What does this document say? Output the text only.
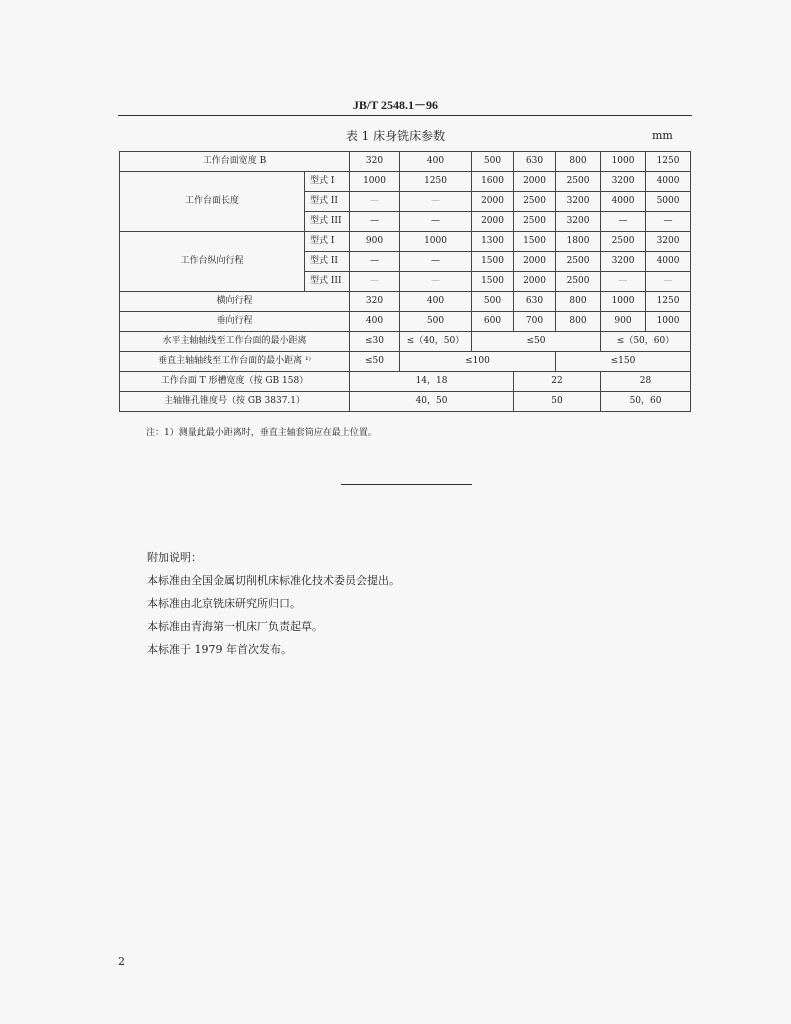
JB/T 2548.1－96
表 1 床身铣床参数	mm
工作台面宽度 B		320	400	500	630	800	1000	1250
工作台面长度	型式 I	1000	1250	1600	2000	2500	3200	4000
	型式 II	—	—	2000	2500	3200	4000	5000
	型式 III	—	—	2000	2500	3200	—	—
工作台纵向行程	型式 I	900	1000	1300	1500	1800	2500	3200
	型式 II	—	—	1500	2000	2500	3200	4000
	型式 III	—	—	1500	2000	2500	—	—
横向行程		320	400	500	630	800	1000	1250
垂向行程		400	500	600	700	800	900	1000
水平主轴轴线至工作台面的最小距离		≤30	≤（40，50）	≤50			≤（50，60）	
垂直主轴轴线至工作台面的最小距离 ¹⁾		≤50	≤100			≤150		
工作台面 T 形槽宽度（按 GB 158）		14，18			22		28	
主轴锥孔锥度号（按 GB 3837.1）		40，50			50		50，60	
注：1）测量此最小距离时，垂直主轴套筒应在最上位置。
附加说明：
本标准由全国金属切削机床标准化技术委员会提出。
本标准由北京铣床研究所归口。
本标准由青海第一机床厂负责起草。
本标准于 1979 年首次发布。
2
